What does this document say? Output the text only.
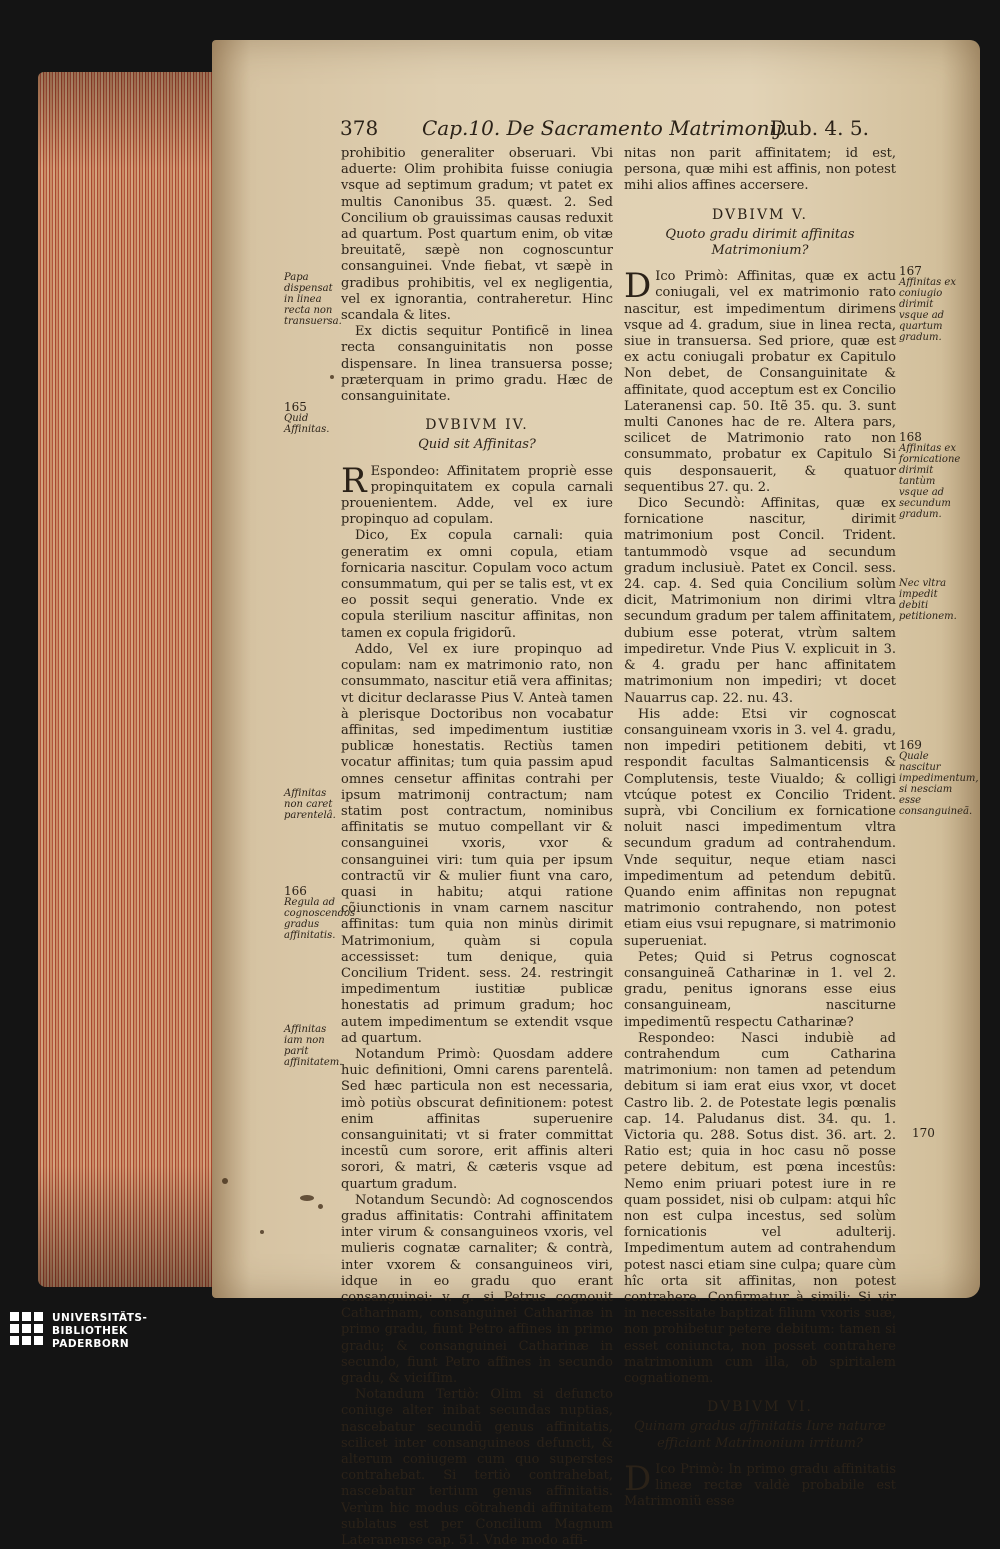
378 Cap.10. De Sacramento Matrimonij.
Dub. 4. 5.

prohibitio generaliter obseruari. Vbi aduerte: Olim prohibita fuisse coniugia vsque ad septimum gradum; vt patet ex multis Canonibus 35. quæst. 2. Sed Concilium ob grauissimas causas reduxit ad quartum. Post quartum enim, ob vitæ breuitatẽ, sæpè non cognoscuntur consanguinei. Vnde fiebat, vt sæpè in gradibus prohibitis, vel ex negligentia, vel ex ignorantia, contraheretur. Hinc scandala & lites.

Ex dictis sequitur Pontificẽ in linea recta consanguinitatis non posse dispensare. In linea transuersa posse; præterquam in primo gradu. Hæc de consanguinitate.

DVBIVM IV.
Quid sit Affinitas?

R Espondeo: Affinitatem propriè esse propinquitatem ex copula carnali prouenientem. Adde, vel ex iure propinquo ad copulam.

Dico, Ex copula carnali: quia generatim ex omni copula, etiam fornicaria nascitur. Copulam voco actum consummatum, qui per se talis est, vt ex eo possit sequi generatio. Vnde ex copula sterilium nascitur affinitas, non tamen ex copula frigidorũ.

Addo, Vel ex iure propinquo ad copulam: nam ex matrimonio rato, non consummato, nascitur etiã vera affinitas; vt dicitur declarasse Pius V. Anteà tamen à plerisque Doctoribus non vocabatur affinitas, sed impedimentum iustitiæ publicæ honestatis. Rectiùs tamen vocatur affinitas; tum quia passim apud omnes censetur affinitas contrahi per ipsum matrimonij contractum; nam statim post contractum, nominibus affinitatis se mutuo compellant vir & consanguinei vxoris, vxor & consanguinei viri: tum quia per ipsum contractũ vir & mulier fiunt vna caro, quasi in habitu; atqui ratione cõiunctionis in vnam carnem nascitur affinitas: tum quia non minùs dirimit Matrimonium, quàm si copula accessisset: tum denique, quia Concilium Trident. sess. 24. restringit impedimentum iustitiæ publicæ honestatis ad primum gradum; hoc autem impedimentum se extendit vsque ad quartum.

Notandum Primò: Quosdam addere huic definitioni, Omni carens parentelâ. Sed hæc particula non est necessaria, imò potiùs obscurat definitionem: potest enim affinitas superuenire consanguinitati; vt si frater committat incestũ cum sorore, erit affinis alteri sorori, & matri, & cæteris vsque ad quartum gradum.

Notandum Secundò: Ad cognoscendos gradus affinitatis: Contrahi affinitatem inter virum & consanguineos vxoris, vel mulieris cognatæ carnaliter; & contrà, inter vxorem & consanguineos viri, idque in eo gradu quo erant consanguinei: v. g. si Petrus cognouit Catharinam, consanguinei Catharinæ in primo gradu, fiunt Petro affines in primo gradu; & consanguinei Catharinæ in secundo, fiunt Petro affines in secundo gradu, & viciſſim.

Notandum Tertiò: Olim si defuncto coniuge alter inibat secundas nuptias, nascebatur secundũ genus affinitatis, scilicet inter consanguineos defuncti, & alterum coniugem cum quo superstes contrahebat. Si tertiò contrahebat, nascebatur tertium genus affinitatis. Verùm hic modus cõtrahendi affinitatem sublatus est per Concilium Magnum Lateranense cap. 51. Vnde modo affi-

nitas non parit affinitatem; id est, persona, quæ mihi est affinis, non potest mihi alios affines accersere.

DVBIVM V.
Quoto gradu dirimit affinitas Matrimonium?

D Ico Primò: Affinitas, quæ ex actu coniugali, vel ex matrimonio rato nascitur, est impedimentum dirimens vsque ad 4. gradum, siue in linea recta, siue in transuersa. Sed priore, quæ est ex actu coniugali probatur ex Capitulo Non debet, de Consanguinitate & affinitate, quod acceptum est ex Concilio Lateranensi cap. 50. Itẽ 35. qu. 3. sunt multi Canones hac de re. Altera pars, scilicet de Matrimonio rato non consummato, probatur ex Capitulo Si quis desponsauerit, & quatuor sequentibus 27. qu. 2.

Dico Secundò: Affinitas, quæ ex fornicatione nascitur, dirimit matrimonium post Concil. Trident. tantummodò vsque ad secundum gradum inclusiuè. Patet ex Concil. sess. 24. cap. 4. Sed quia Concilium solùm dicit, Matrimonium non dirimi vltra secundum gradum per talem affinitatem, dubium esse poterat, vtrùm saltem impediretur. Vnde Pius V. explicuit in 3. & 4. gradu per hanc affinitatem matrimonium non impediri; vt docet Nauarrus cap. 22. nu. 43.

His adde: Etsi vir cognoscat consanguineam vxoris in 3. vel 4. gradu, non impediri petitionem debiti, vt respondit facultas Salmanticensis & Complutensis, teste Viualdo; & colligi vtcúque potest ex Concilio Trident. suprà, vbi Concilium ex fornicatione noluit nasci impedimentum vltra secundum gradum ad contrahendum. Vnde sequitur, neque etiam nasci impedimentum ad petendum debitũ. Quando enim affinitas non repugnat matrimonio contrahendo, non potest etiam eius vsui repugnare, si matrimonio superueniat.

Petes; Quid si Petrus cognoscat consanguineã Catharinæ in 1. vel 2. gradu, penitus ignorans esse eius consanguineam, nasciturne impedimentũ respectu Catharinæ?

Respondeo: Nasci indubiè ad contrahendum cum Catharina matrimonium: non tamen ad petendum debitum si iam erat eius vxor, vt docet Castro lib. 2. de Potestate legis pœnalis cap. 14. Paludanus dist. 34. qu. 1. Victoria qu. 288. Sotus dist. 36. art. 2. Ratio est; quia in hoc casu nõ posse petere debitum, est pœna incestûs: Nemo enim priuari potest iure in re quam possidet, nisi ob culpam: atqui hîc non est culpa incestus, sed solùm fornicationis vel adulterij. Impedimentum autem ad contrahendum potest nasci etiam sine culpa; quare cùm hîc orta sit affinitas, non potest contrahere. Confirmatur à simili: Si vir in necessitate baptizat filium vxoris suæ, non prohibetur petere debitum: tamen si esset coniuncta, non posset contrahere matrimonium cum illa, ob spiritalem cognationem.

DVBIVM VI.
Quinam gradus affinitatis Iure naturæ efficiant Matrimonium irritum?

D Ico Primò: In primo gradu affinitatis lineæ rectæ valdè probabile est Matrimoniũ esse

Papa dispensat in linea recta non transuersa.
165
Quid Affinitas.
Affinitas non caret parentelâ.
166
Regula ad cognoscendos gradus affinitatis.
Affinitas iam non parit affinitatem.
167
Affinitas ex coniugio dirimit vsque ad quartum gradum.
168
Affinitas ex fornicatione dirimit tantùm vsque ad secundum gradum.
Nec vltra impedit debiti petitionem.
169
Quale nascitur impedimentum, si nesciam esse consanguineã.
170
UNIVERSITÄTS-
BIBLIOTHEK
PADERBORN
